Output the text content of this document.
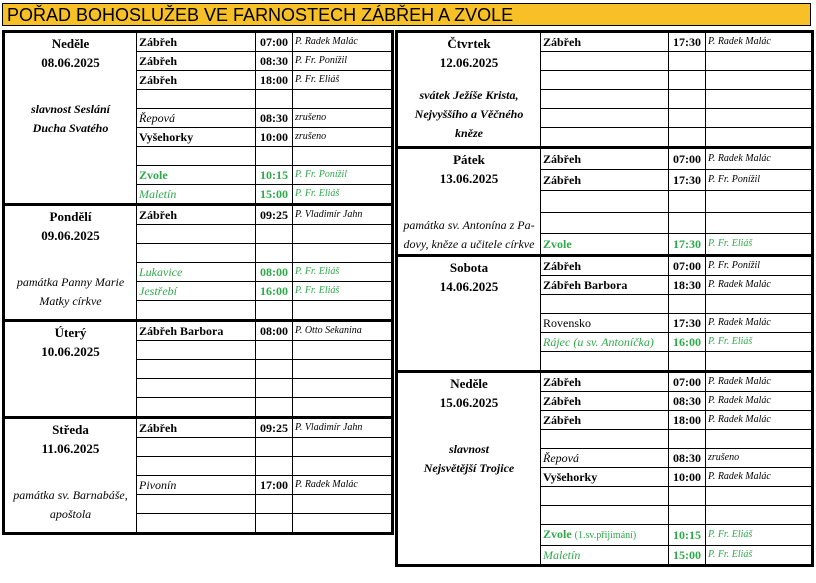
POŘAD BOHOSLUŽEB VE FARNOSTECH ZÁBŘEH A ZVOLE
Neděle
08.06.2025
slavnost Seslání
Ducha Svatého	Zábřeh	07:00	P. Radek Malác
	Zábřeh	08:30	P. Fr. Ponížil
	Zábřeh	18:00	P. Fr. Eliáš

	Řepová	08:30	zrušeno
	Vyšehorky	10:00	zrušeno

	Zvole	10:15	P. Fr. Ponížil
	Maletín	15:00	P. Fr. Eliáš

Pondělí
09.06.2025
památka Panny Marie
Matky církve	Zábřeh	09:25	P. Vladimír Jahn

	Lukavice	08:00	P. Fr. Eliáš
	Jestřebí	16:00	P. Fr. Eliáš

Úterý
10.06.2025	Zábřeh Barbora	08:00	P. Otto Sekanina

Středa
11.06.2025
památka sv. Barnabáše,
apoštola	Zábřeh	09:25	P. Vladimír Jahn

	Pivonín	17:00	P. Radek Malác

Čtvrtek
12.06.2025
svátek Ježíše Krista,
Nejvyššího a Věčného
kněze	Zábřeh	17:30	P. Radek Malác

Pátek
13.06.2025
památka sv. Antonína z Pa-
dovy, kněze a učitele církve	Zábřeh	07:00	P. Radek Malác
	Zábřeh	17:30	P. Fr. Ponížil

	Zvole	17:30	P. Fr. Eliáš

Sobota
14.06.2025	Zábřeh	07:00	P. Fr. Ponížil
	Zábřeh Barbora	18:30	P. Radek Malác

	Rovensko	17:30	P. Radek Malác
	Rájec (u sv. Antoníčka)	16:00	P. Fr. Eliáš

Neděle
15.06.2025
slavnost
Nejsvětější Trojice	Zábřeh	07:00	P. Radek Malác
	Zábřeh	08:30	P. Radek Malác
	Zábřeh	18:00	P. Radek Malác

	Řepová	08:30	zrušeno
	Vyšehorky	10:00	P. Radek Malác

	Zvole (1.sv.přijímání)	10:15	P. Fr. Eliáš
	Maletín	15:00	P. Fr. Eliáš
